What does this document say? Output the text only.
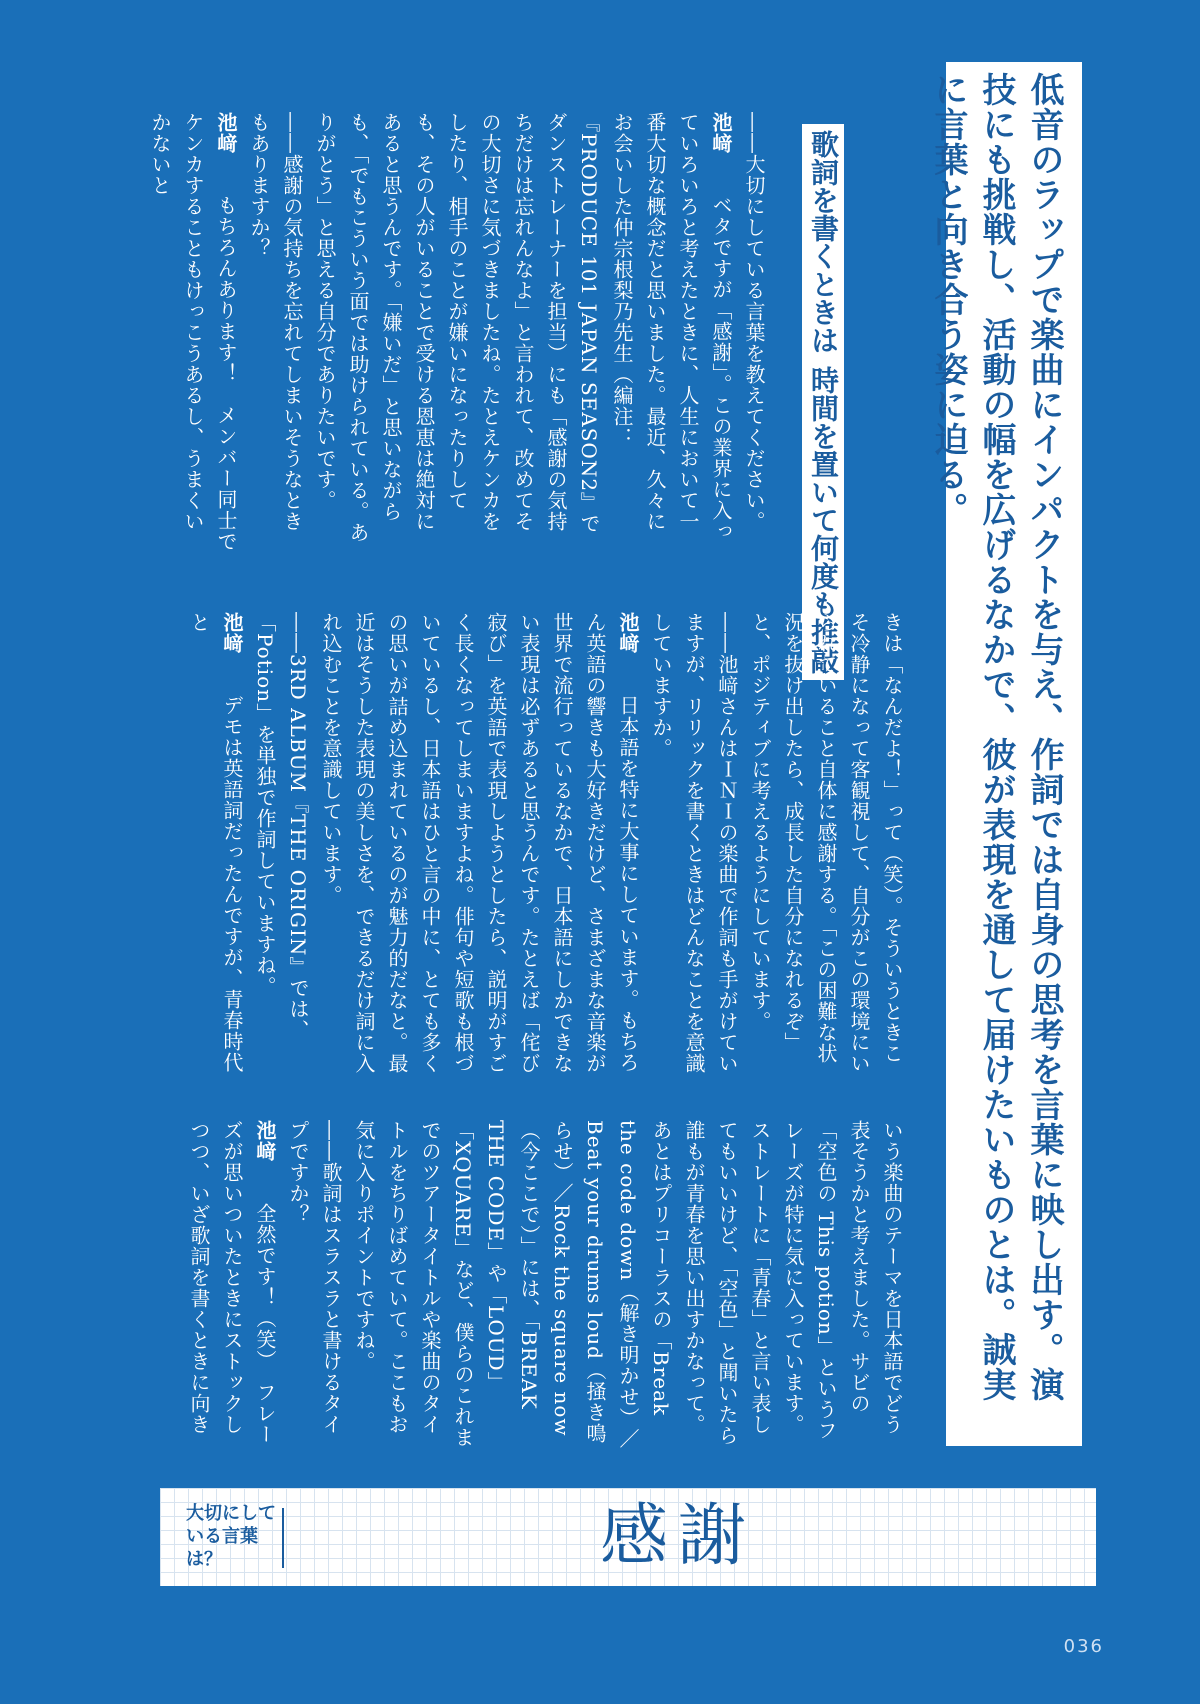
低音のラップで楽曲にインパクトを与え、作詞では自身の思考を言葉に映し出す。演技にも挑戦し、活動の幅を広げるなかで、彼が表現を通して届けたいものとは。誠実に言葉と向き合う姿に迫る。
歌詞を書くときは
時間を置いて何度も推敲
――大切にしている言葉を教えてください。
池﨑　ベタですが「感謝」。この業界に入っていろいろと考えたときに、人生において一番大切な概念だと思いました。最近、久々にお会いした仲宗根梨乃先生（編注：『PRODUCE 101 JAPAN SEASON2』でダンストレーナーを担当）にも「感謝の気持ちだけは忘れんなよ」と言われて、改めてその大切さに気づきましたね。たとえケンカをしたり、相手のことが嫌いになったりしても、その人がいることで受ける恩恵は絶対にあると思うんです。「嫌いだ」と思いながらも、「でもこういう面では助けられている。ありがとう」と思える自分でありたいです。
――感謝の気持ちを忘れてしまいそうなときもありますか？
池﨑　もちろんあります！　メンバー同士でケンカすることもけっこうあるし、うまくいかないと
きは「なんだよ！」って（笑）。そういうときこそ冷静になって客観視して、自分がこの環境にいられていること自体に感謝する。「この困難な状況を抜け出したら、成長した自分になれるぞ」と、ポジティブに考えるようにしています。
――池﨑さんはＩＮＩの楽曲で作詞も手がけていますが、リリックを書くときはどんなことを意識していますか。
池﨑　日本語を特に大事にしています。もちろん英語の響きも大好きだけど、さまざまな音楽が世界で流行っているなかで、日本語にしかできない表現は必ずあると思うんです。たとえば「侘び寂び」を英語で表現しようとしたら、説明がすごく長くなってしまいますよね。俳句や短歌も根づいているし、日本語はひと言の中に、とても多くの思いが詰め込まれているのが魅力的だなと。最近はそうした表現の美しさを、できるだけ詞に入れ込むことを意識しています。
――3RD ALBUM『THE ORIGIN』では、「Potion」を単独で作詞していますね。
池﨑　デモは英語詞だったんですが、青春時代と
いう楽曲のテーマを日本語でどう表そうかと考えました。サビの「空色の This potion」というフレーズが特に気に入っています。ストレートに「青春」と言い表してもいいけど、「空色」と聞いたら誰もが青春を思い出すかなって。あとはプリコーラスの「Break the code down（解き明かせ）／Beat your drums loud（掻き鳴らせ）／Rock the square now（今ここで）」には、「BREAK THE CODE」や「LOUD」「XQUARE」など、僕らのこれまでのツアータイトルや楽曲のタイトルをちりばめていて。ここもお気に入りポイントですね。
――歌詞はスラスラと書けるタイプですか？
池﨑　全然です！（笑）　フレーズが思いついたときにストックしつつ、いざ歌詞を書くときに向き
大切にしている言葉は？	感謝
036
